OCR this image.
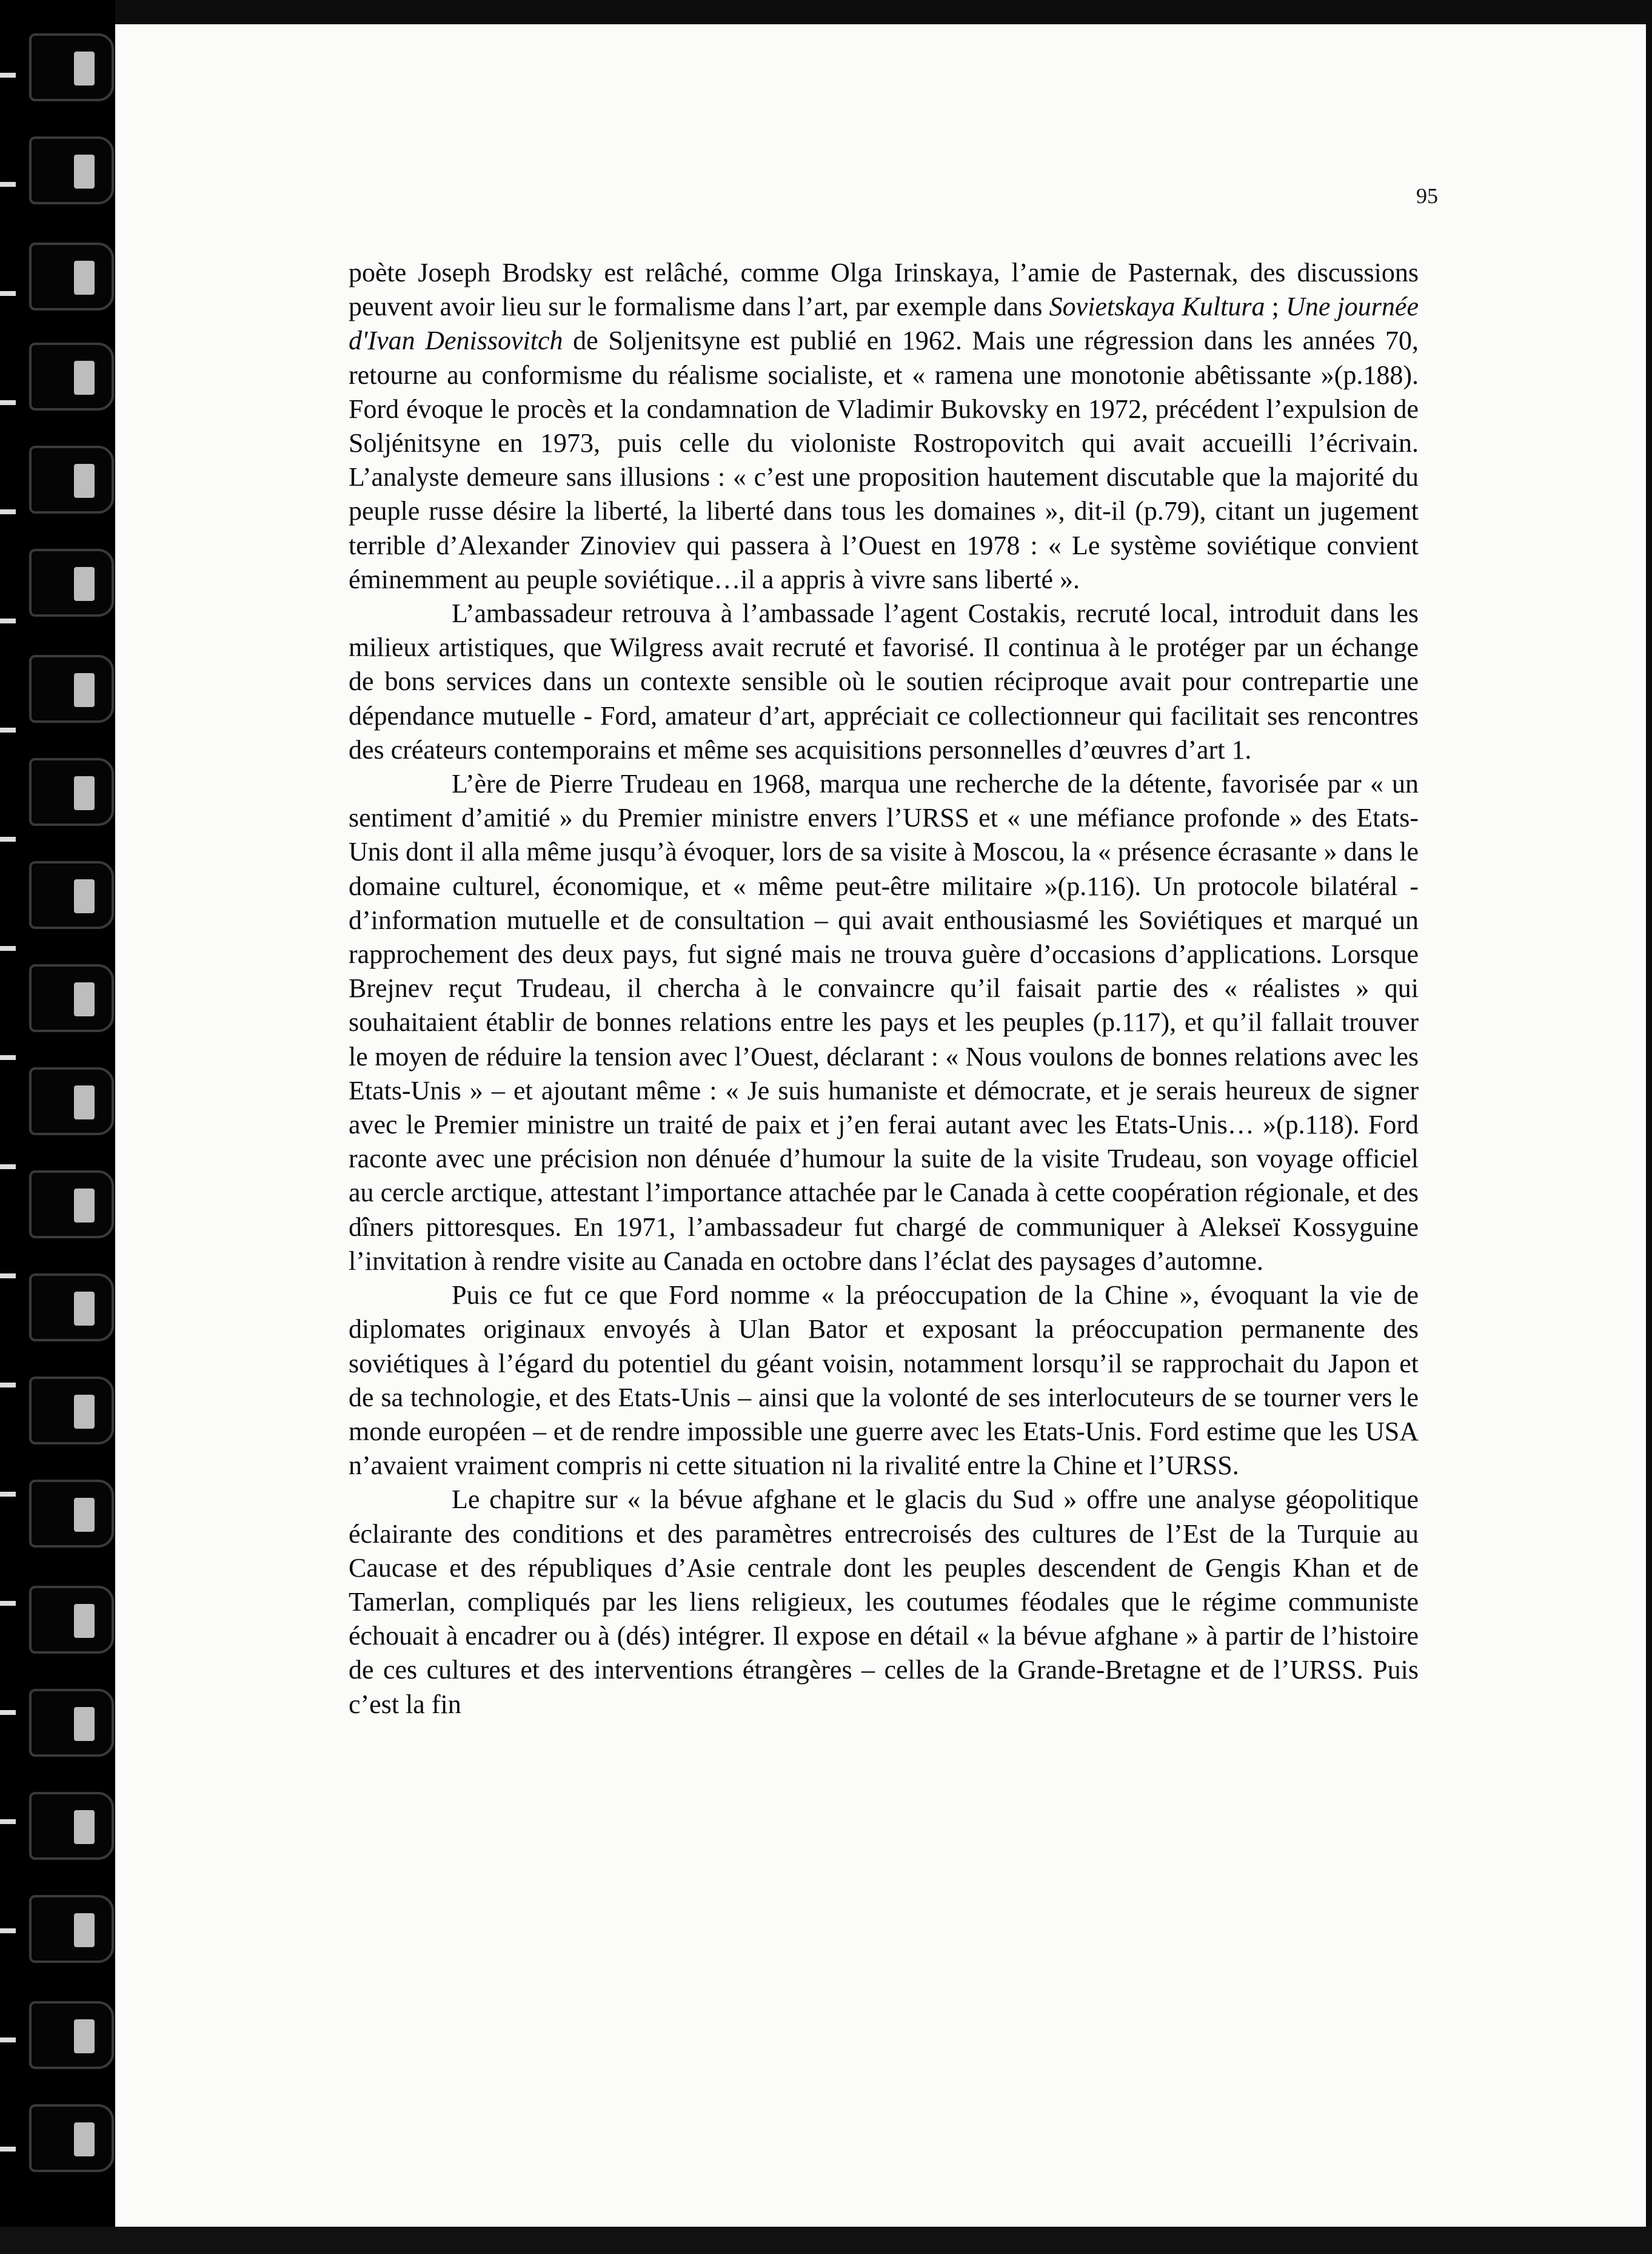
95

poète Joseph Brodsky est relâché, comme Olga Irinskaya, l’amie de Pasternak, des discussions peuvent avoir lieu sur le formalisme dans l’art, par exemple dans Sovietskaya Kultura ; Une journée d'Ivan Denissovitch de Soljenitsyne est publié en 1962. Mais une régression dans les années 70, retourne au conformisme du réalisme socialiste, et « ramena une monotonie abêtissante »(p.188). Ford évoque le procès et la condamnation de Vladimir Bukovsky en 1972, précédent l’expulsion de Soljénitsyne en 1973, puis celle du violoniste Rostropovitch qui avait accueilli l’écrivain. L’analyste demeure sans illusions : « c’est une proposition hautement discutable que la majorité du peuple russe désire la liberté, la liberté dans tous les domaines », dit-il (p.79), citant un jugement terrible d’Alexander Zinoviev qui passera à l’Ouest en 1978 : « Le système soviétique convient éminemment au peuple soviétique…il a appris à vivre sans liberté ».

L’ambassadeur retrouva à l’ambassade l’agent Costakis, recruté local, introduit dans les milieux artistiques, que Wilgress avait recruté et favorisé. Il continua à le protéger par un échange de bons services dans un contexte sensible où le soutien réciproque avait pour contrepartie une dépendance mutuelle - Ford, amateur d’art, appréciait ce collectionneur qui facilitait ses rencontres des créateurs contemporains et même ses acquisitions personnelles d’œuvres d’art 1.

L’ère de Pierre Trudeau en 1968, marqua une recherche de la détente, favorisée par « un sentiment d’amitié » du Premier ministre envers l’URSS et « une méfiance profonde » des Etats-Unis dont il alla même jusqu’à évoquer, lors de sa visite à Moscou, la « présence écrasante » dans le domaine culturel, économique, et « même peut-être militaire »(p.116). Un protocole bilatéral - d’information mutuelle et de consultation – qui avait enthousiasmé les Soviétiques et marqué un rapprochement des deux pays, fut signé mais ne trouva guère d’occasions d’applications. Lorsque Brejnev reçut Trudeau, il chercha à le convaincre qu’il faisait partie des « réalistes » qui souhaitaient établir de bonnes relations entre les pays et les peuples (p.117), et qu’il fallait trouver le moyen de réduire la tension avec l’Ouest, déclarant : « Nous voulons de bonnes relations avec les Etats-Unis » – et ajoutant même : « Je suis humaniste et démocrate, et je serais heureux de signer avec le Premier ministre un traité de paix et j’en ferai autant avec les Etats-Unis… »(p.118). Ford raconte avec une précision non dénuée d’humour la suite de la visite Trudeau, son voyage officiel au cercle arctique, attestant l’importance attachée par le Canada à cette coopération régionale, et des dîners pittoresques. En 1971, l’ambassadeur fut chargé de communiquer à Alekseï Kossyguine l’invitation à rendre visite au Canada en octobre dans l’éclat des paysages d’automne.

Puis ce fut ce que Ford nomme « la préoccupation de la Chine », évoquant la vie de diplomates originaux envoyés à Ulan Bator et exposant la préoccupation permanente des soviétiques à l’égard du potentiel du géant voisin, notamment lorsqu’il se rapprochait du Japon et de sa technologie, et des Etats-Unis – ainsi que la volonté de ses interlocuteurs de se tourner vers le monde européen – et de rendre impossible une guerre avec les Etats-Unis. Ford estime que les USA n’avaient vraiment compris ni cette situation ni la rivalité entre la Chine et l’URSS.

Le chapitre sur « la bévue afghane et le glacis du Sud » offre une analyse géopolitique éclairante des conditions et des paramètres entrecroisés des cultures de l’Est de la Turquie au Caucase et des républiques d’Asie centrale dont les peuples descendent de Gengis Khan et de Tamerlan, compliqués par les liens religieux, les coutumes féodales que le régime communiste échouait à encadrer ou à (dés) intégrer. Il expose en détail « la bévue afghane » à partir de l’histoire de ces cultures et des interventions étrangères – celles de la Grande-Bretagne et de l’URSS. Puis c’est la fin
